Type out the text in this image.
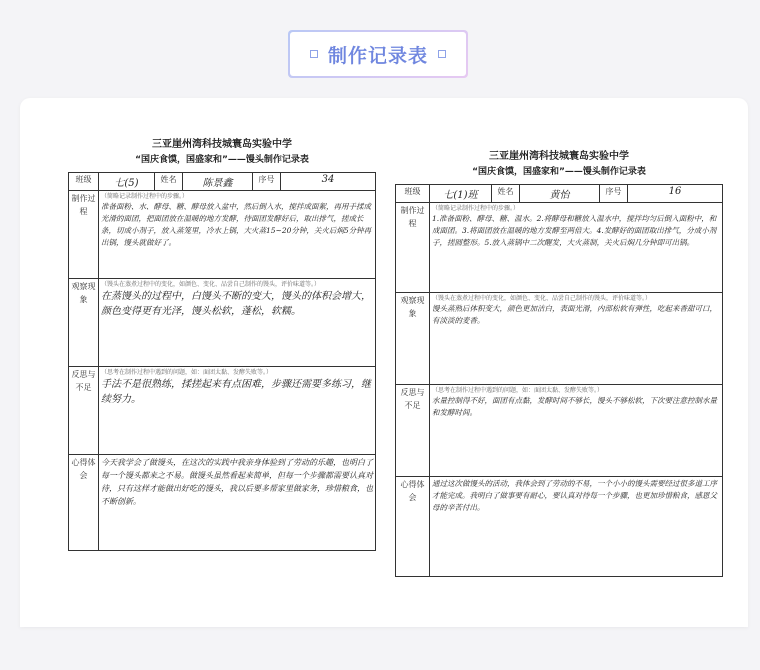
制作记录表
三亚崖州湾科技城寰岛实验中学
“国庆食馍，国盛家和”——馒头制作记录表
班级	七(5)	姓名	陈景鑫	序号	34
制作过程	（简略记录制作过程中的步骤。）

准备面粉、水、酵母、糖、酵母放入盆中，然后倒入水，搅拌成面絮，再用手揉成光滑的面团，把面团放在温暖的地方发酵，待面团发酵好后，取出排气，搓成长条，切成小剂子，放入蒸笼里，冷水上锅，大火蒸15~20分钟，关火后焖5分钟再出锅，馒头就做好了。				

观察现象	（馒头在蒸煮过程中的变化，如颜色、变化、品尝自己制作的馒头，评价味道等。）

在蒸馒头的过程中，白馒头不断的变大，馒头的体积会增大，颜色变得更有光泽，馒头松软，蓬松，软糯。				

反思与不足	（思考在制作过程中遇到的问题，如：面团太黏、发酵失败等。）

手法不是很熟练，揉搓起来有点困难，步骤还需要多练习，继续努力。				

心得体会	今天我学会了做馒头，在这次的实践中我亲身体验到了劳动的乐趣，也明白了每一个馒头都来之不易。做馒头虽然看起来简单，但每一个步骤都需要认真对待，只有这样才能做出好吃的馒头，我以后要多帮家里做家务，珍惜粮食，也不断创新。				

三亚崖州湾科技城寰岛实验中学
“国庆食馍，国盛家和”——馒头制作记录表
班级	七(1)班	姓名	黄怡	序号	16
制作过程	（简略记录制作过程中的步骤。）

1.准备面粉、酵母、糖、温水。2.将酵母和糖放入温水中，搅拌均匀后倒入面粉中，和成面团。3.将面团放在温暖的地方发酵至两倍大。4.发酵好的面团取出排气，分成小剂子，搓圆整形。5.放入蒸锅中二次醒发，大火蒸制，关火后焖几分钟即可出锅。				

观察现象	（馒头在蒸煮过程中的变化，如颜色、变化、品尝自己制作的馒头，评价味道等。）

馒头蒸熟后体积变大，颜色更加洁白，表面光滑，内部松软有弹性，吃起来香甜可口，有淡淡的麦香。				

反思与不足	（思考在制作过程中遇到的问题，如：面团太黏、发酵失败等。）

水量控制得不好，面团有点黏，发酵时间不够长，馒头不够松软，下次要注意控制水量和发酵时间。				

心得体会	通过这次做馒头的活动，我体会到了劳动的不易，一个小小的馒头需要经过很多道工序才能完成。我明白了做事要有耐心，要认真对待每一个步骤，也更加珍惜粮食，感恩父母的辛苦付出。				
